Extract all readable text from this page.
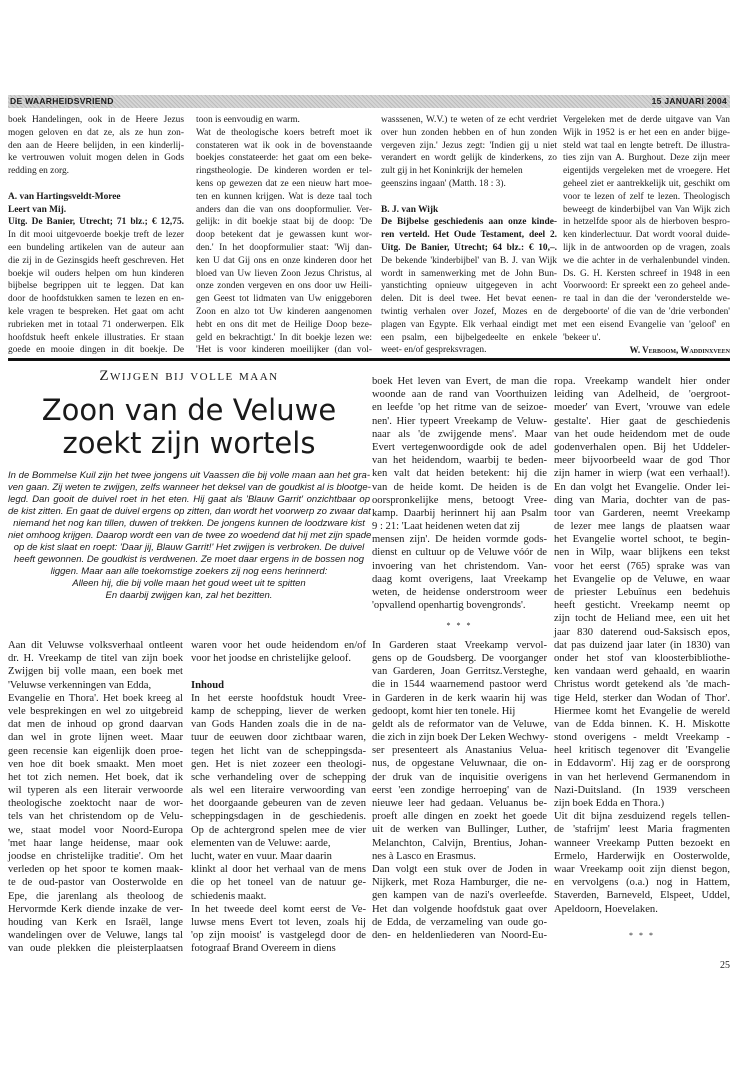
DE WAARHEIDSVRIEND	15 JANUARI 2004
boek Handelingen, ook in de Heere Jezus
mogen geloven en dat ze, als ze hun zon-
den aan de Heere belijden, in een kinderlij-
ke vertrouwen voluit mogen delen in Gods
redding en zorg.
A. van Hartingsveldt-Moree
Leert van Mij.
Uitg. De Banier, Utrecht; 71 blz.; € 12,75.
In dit mooi uitgevoerde boekje treft de lezer
een bundeling artikelen van de auteur aan
die zij in de Gezinsgids heeft geschreven. Het
boekje wil ouders helpen om hun kinderen
bijbelse begrippen uit te leggen. Dat kan
door de hoofdstukken samen te lezen en en-
kele vragen te bespreken. Het gaat om acht
rubrieken met in totaal 71 onderwerpen. Elk
hoofdstuk heeft enkele illustraties. Er staan
goede en mooie dingen in dit boekje. De
toon is eenvoudig en warm.
Wat de theologische koers betreft moet ik
constateren wat ik ook in de bovenstaande
boekjes constateerde: het gaat om een beke-
ringstheologie. De kinderen worden er tel-
kens op gewezen dat ze een nieuw hart moe-
ten en kunnen krijgen. Wat is deze taal toch
anders dan die van ons doopformulier. Ver-
gelijk: in dit boekje staat bij de doop: 'De
doop betekent dat je gewassen kunt wor-
den.' In het doopformulier staat: 'Wij dan-
ken U dat Gij ons en onze kinderen door het
bloed van Uw lieven Zoon Jezus Christus, al
onze zonden vergeven en ons door uw Heili-
gen Geest tot lidmaten van Uw eniggeboren
Zoon en alzo tot Uw kinderen aangenomen
hebt en ons dit met de Heilige Doop beze-
geld en bekrachtigt.' In dit boekje lezen we:
'Het is voor kinderen moeilijker (dan vol-
wasssenen, W.V.) te weten of ze echt verdriet
over hun zonden hebben en of hun zonden
vergeven zijn.' Jezus zegt: 'Indien gij u niet
verandert en wordt gelijk de kinderkens, zo
zult gij in het Koninkrijk der hemelen
geenszins ingaan' (Matth. 18 : 3).
B. J. van Wijk
De Bijbelse geschiedenis aan onze kinde-
ren verteld. Het Oude Testament, deel 2.
Uitg. De Banier, Utrecht; 64 blz.: € 10,–.
De bekende 'kinderbijbel' van B. J. van Wijk
wordt in samenwerking met de John Bun-
yanstichting opnieuw uitgegeven in acht
delen. Dit is deel twee. Het bevat eenen-
twintig verhalen over Jozef, Mozes en de
plagen van Egypte. Elk verhaal eindigt met
een psalm, een bijbelgedeelte en enkele
weet- en/of gespreksvragen.
Vergeleken met de derde uitgave van Van
Wijk in 1952 is er het een en ander bijge-
steld wat taal en lengte betreft. De illustra-
ties zijn van A. Burghout. Deze zijn meer
eigentijds vergeleken met de vroegere. Het
geheel ziet er aantrekkelijk uit, geschikt om
voor te lezen of zelf te lezen. Theologisch
beweegt de kinderbijbel van Van Wijk zich
in hetzelfde spoor als de hierboven bespro-
ken kinderlectuur. Dat wordt vooral duide-
lijk in de antwoorden op de vragen, zoals
we die achter in de verhalenbundel vinden.
Ds. G. H. Kersten schreef in 1948 in een
Voorwoord: Er spreekt een zo geheel ande-
re taal in dan die der 'veronderstelde we-
dergeboorte' of die van de 'drie verbonden'
met een eisend Evangelie van 'geloof' en
'bekeer u'.
W. Verboom, Waddinxveen
Zwijgen bij volle maan
Zoon van de Veluwe
zoekt zijn wortels
In de Bommelse Kuil zijn het twee jongens uit Vaassen die bij volle maan aan het gra-
ven gaan. Zij weten te zwijgen, zelfs wanneer het deksel van de goudkist al is blootge-
legd. Dan gooit de duivel roet in het eten. Hij gaat als 'Blauw Garrit' onzichtbaar op
de kist zitten. En gaat de duivel ergens op zitten, dan wordt het voorwerp zo zwaar dat
niemand het nog kan tillen, duwen of trekken. De jongens kunnen de loodzware kist
niet omhoog krijgen. Daarop wordt een van de twee zo woedend dat hij met zijn spade
op de kist slaat en roept: 'Daar jij, Blauw Garrit!' Het zwijgen is verbroken. De duivel
heeft gewonnen. De goudkist is verdwenen. Ze moet daar ergens in de bossen nog
liggen. Maar aan alle toekomstige zoekers zij nog eens herinnerd:
Alleen hij, die bij volle maan het goud weet uit te spitten
En daarbij zwijgen kan, zal het bezitten.
Aan dit Veluwse volksverhaal ontleent
dr. H. Vreekamp de titel van zijn boek
Zwijgen bij volle maan, een boek met
'Veluwse verkenningen van Edda,
Evangelie en Thora'. Het boek kreeg al
vele besprekingen en wel zo uitgebreid
dat men de inhoud op grond daarvan
dan wel in grote lijnen weet. Maar
geen recensie kan eigenlijk doen proe-
ven hoe dit boek smaakt. Men moet
het tot zich nemen. Het boek, dat ik
wil typeren als een literair verwoorde
theologische zoektocht naar de wor-
tels van het christendom op de Velu-
we, staat model voor Noord-Europa
'met haar lange heidense, maar ook
joodse en christelijke traditie'. Om het
verleden op het spoor te komen maak-
te de oud-pastor van Oosterwolde en
Epe, die jarenlang als theoloog de
Hervormde Kerk diende inzake de ver-
houding van Kerk en Israël, lange
wandelingen over de Veluwe, langs tal
van oude plekken die pleisterplaatsen
waren voor het oude heidendom en/of
voor het joodse en christelijke geloof.
Inhoud
In het eerste hoofdstuk houdt Vree-
kamp de schepping, liever de werken
van Gods Handen zoals die in de na-
tuur de eeuwen door zichtbaar waren,
tegen het licht van de scheppingsda-
gen. Het is niet zozeer een theologi-
sche verhandeling over de schepping
als wel een literaire verwoording van
het doorgaande gebeuren van de zeven
scheppingsdagen in de geschiedenis.
Op de achtergrond spelen mee de vier
elementen van de Veluwe: aarde,
lucht, water en vuur. Maar daarin
klinkt al door het verhaal van de mens
die op het toneel van de natuur ge-
schiedenis maakt.
In het tweede deel komt eerst de Ve-
luwse mens Evert tot leven, zoals hij
'op zijn mooist' is vastgelegd door de
fotograaf Brand Overeem in diens
boek Het leven van Evert, de man die
woonde aan de rand van Voorthuizen
en leefde 'op het ritme van de seizoe-
nen'. Hier typeert Vreekamp de Veluw-
naar als 'de zwijgende mens'. Maar
Evert vertegenwoordigde ook de adel
van het heidendom, waarbij te beden-
ken valt dat heiden betekent: hij die
van de heide komt. De heiden is de
oorspronkelijke mens, betoogt Vree-
kamp. Daarbij herinnert hij aan Psalm
9 : 21: 'Laat heidenen weten dat zij
mensen zijn'. De heiden vormde gods-
dienst en cultuur op de Veluwe vóór de
invoering van het christendom. Van-
daag komt overigens, laat Vreekamp
weten, de heidense onderstroom weer
'opvallend openhartig bovengronds'.
* * *
In Garderen staat Vreekamp vervol-
gens op de Goudsberg. De voorganger
van Garderen, Joan Gerritsz.Versteghe,
die in 1544 waarnemend pastoor werd
in Garderen in de kerk waarin hij was
gedoopt, komt hier ten tonele. Hij
geldt als de reformator van de Veluwe,
die zich in zijn boek Der Leken Wechwy-
ser presenteert als Anastanius Velua-
nus, de opgestane Veluwnaar, die on-
der druk van de inquisitie overigens
eerst 'een zondige herroeping' van de
nieuwe leer had gedaan. Veluanus be-
proeft alle dingen en zoekt het goede
uit de werken van Bullinger, Luther,
Melanchton, Calvijn, Brentius, Johan-
nes à Lasco en Erasmus.
Dan volgt een stuk over de Joden in
Nijkerk, met Roza Hamburger, die ne-
gen kampen van de nazi's overleefde.
Het dan volgende hoofdstuk gaat over
de Edda, de verzameling van oude go-
den- en heldenliederen van Noord-Eu-
ropa. Vreekamp wandelt hier onder
leiding van Adelheid, de 'oergroot-
moeder' van Evert, 'vrouwe van edele
gestalte'. Hier gaat de geschiedenis
van het oude heidendom met de oude
godenverhalen open. Bij het Uddeler-
meer bijvoorbeeld waar de god Thor
zijn hamer in wierp (wat een verhaal!).
En dan volgt het Evangelie. Onder lei-
ding van Maria, dochter van de pas-
toor van Garderen, neemt Vreekamp
de lezer mee langs de plaatsen waar
het Evangelie wortel schoot, te begin-
nen in Wilp, waar blijkens een tekst
voor het eerst (765) sprake was van
het Evangelie op de Veluwe, en waar
de priester Lebuïnus een bedehuis
heeft gesticht. Vreekamp neemt op
zijn tocht de Heliand mee, een uit het
jaar 830 daterend oud-Saksisch epos,
dat pas duizend jaar later (in 1830) van
onder het stof van kloosterbibliothe-
ken vandaan werd gehaald, en waarin
Christus wordt getekend als 'de mach-
tige Held, sterker dan Wodan of Thor'.
Hiermee komt het Evangelie de wereld
van de Edda binnen. K. H. Miskotte
stond overigens - meldt Vreekamp -
heel kritisch tegenover dit 'Evangelie
in Eddavorm'. Hij zag er de oorsprong
in van het herlevend Germanendom in
Nazi-Duitsland. (In 1939 verscheen
zijn boek Edda en Thora.)
Uit dit bijna zesduizend regels tellen-
de 'stafrijm' leest Maria fragmenten
wanneer Vreekamp Putten bezoekt en
Ermelo, Harderwijk en Oosterwolde,
waar Vreekamp ooit zijn dienst begon,
en vervolgens (o.a.) nog in Hattem,
Staverden, Barneveld, Elspeet, Uddel,
Apeldoorn, Hoevelaken.
* * *
25
